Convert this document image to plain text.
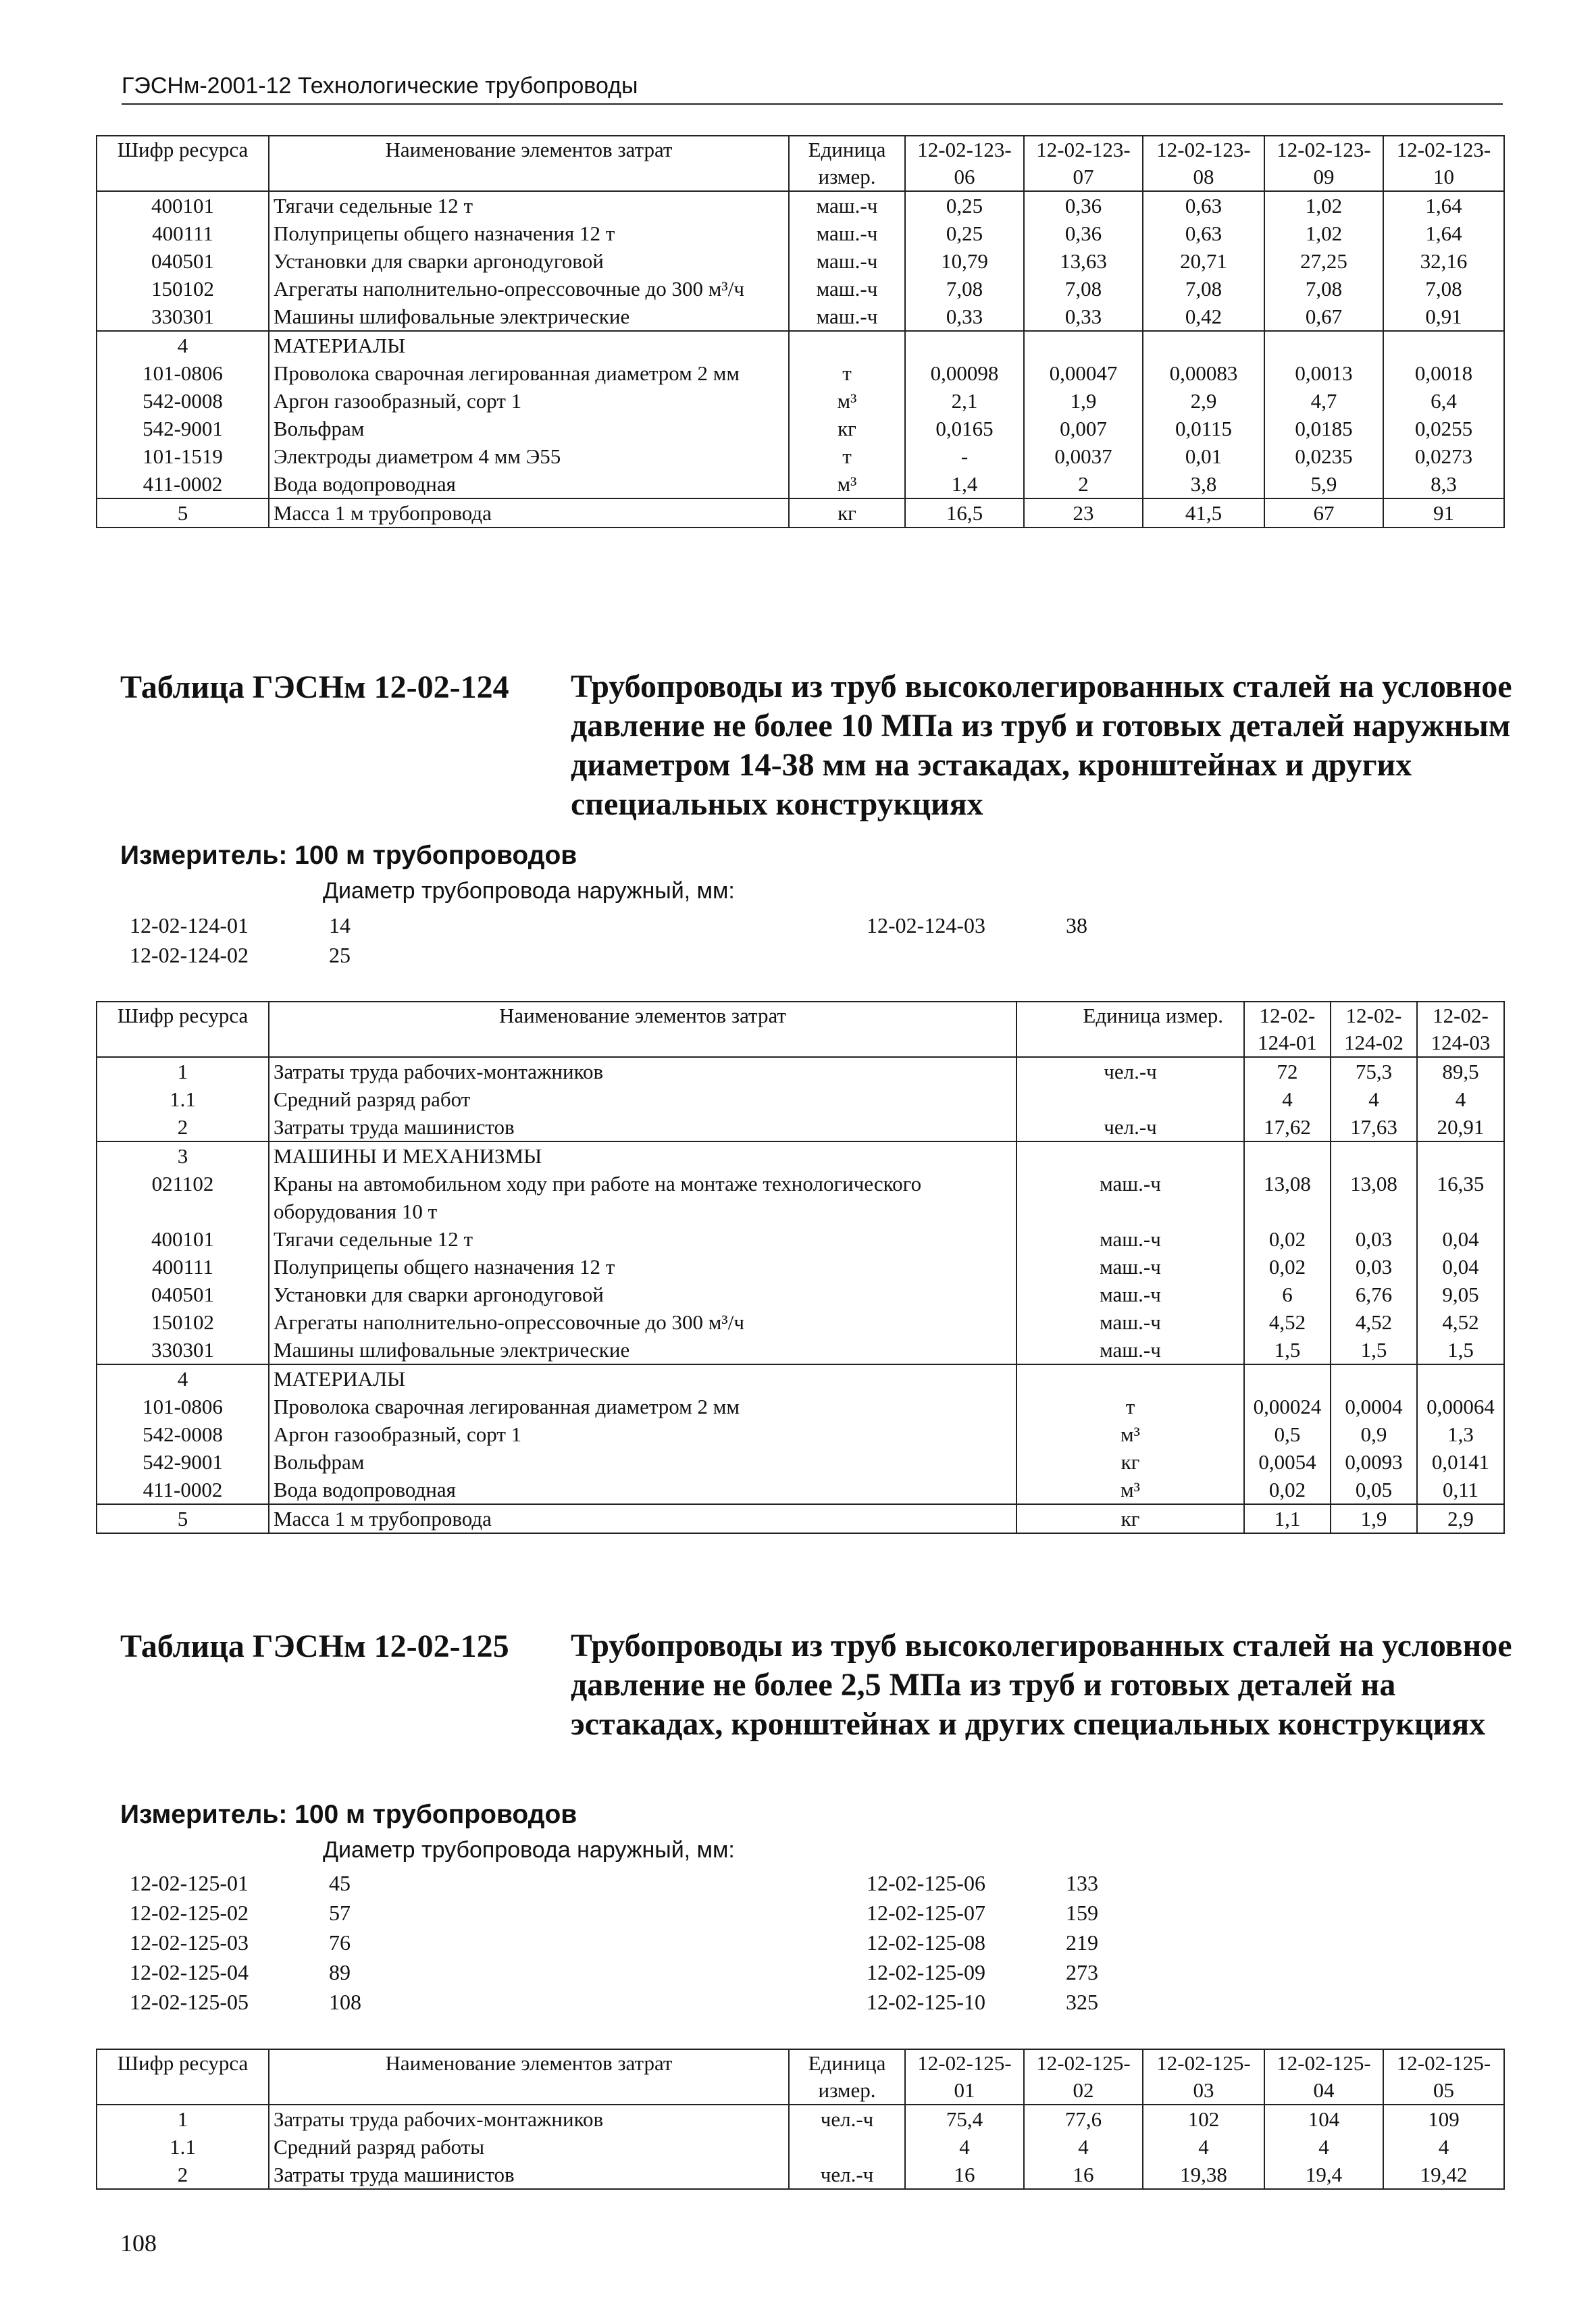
ГЭСНм-2001-12 Технологические трубопроводы
Шифр ресурса	Наименование элементов затрат	Единица измер.	12-02-123-06	12-02-123-07	12-02-123-08	12-02-123-09	12-02-123-10
400101	Тягачи седельные 12 т	маш.-ч	0,25	0,36	0,63	1,02	1,64
400111	Полуприцепы общего назначения 12 т	маш.-ч	0,25	0,36	0,63	1,02	1,64
040501	Установки для сварки аргонодуговой	маш.-ч	10,79	13,63	20,71	27,25	32,16
150102	Агрегаты наполнительно-опрессовочные до 300 м³/ч	маш.-ч	7,08	7,08	7,08	7,08	7,08
330301	Машины шлифовальные электрические	маш.-ч	0,33	0,33	0,42	0,67	0,91
4	МАТЕРИАЛЫ						
101-0806	Проволока сварочная легированная диаметром 2 мм	т	0,00098	0,00047	0,00083	0,0013	0,0018
542-0008	Аргон газообразный, сорт 1	м³	2,1	1,9	2,9	4,7	6,4
542-9001	Вольфрам	кг	0,0165	0,007	0,0115	0,0185	0,0255
101-1519	Электроды диаметром 4 мм Э55	т	-	0,0037	0,01	0,0235	0,0273
411-0002	Вода водопроводная	м³	1,4	2	3,8	5,9	8,3
5	Масса 1 м трубопровода	кг	16,5	23	41,5	67	91
Таблица ГЭСНм 12-02-124 Трубопроводы из труб высоколегированных сталей на условное давление не более 10 МПа из труб и готовых деталей наружным диаметром 14-38 мм на эстакадах, кронштейнах и других специальных конструкциях
Измеритель: 100 м трубопроводов
Диаметр трубопровода наружный, мм:
12-02-124-01	14
12-02-124-02	25
12-02-124-03	38
Шифр ресурса	Наименование элементов затрат	Единица измер.	12-02-124-01	12-02-124-02	12-02-124-03
1	Затраты труда рабочих-монтажников	чел.-ч	72	75,3	89,5
1.1	Средний разряд работ		4	4	4
2	Затраты труда машинистов	чел.-ч	17,62	17,63	20,91
3	МАШИНЫ И МЕХАНИЗМЫ				
021102	Краны на автомобильном ходу при работе на монтаже технологического оборудования 10 т	маш.-ч	13,08	13,08	16,35
400101	Тягачи седельные 12 т	маш.-ч	0,02	0,03	0,04
400111	Полуприцепы общего назначения 12 т	маш.-ч	0,02	0,03	0,04
040501	Установки для сварки аргонодуговой	маш.-ч	6	6,76	9,05
150102	Агрегаты наполнительно-опрессовочные до 300 м³/ч	маш.-ч	4,52	4,52	4,52
330301	Машины шлифовальные электрические	маш.-ч	1,5	1,5	1,5
4	МАТЕРИАЛЫ				
101-0806	Проволока сварочная легированная диаметром 2 мм	т	0,00024	0,0004	0,00064
542-0008	Аргон газообразный, сорт 1	м³	0,5	0,9	1,3
542-9001	Вольфрам	кг	0,0054	0,0093	0,0141
411-0002	Вода водопроводная	м³	0,02	0,05	0,11
5	Масса 1 м трубопровода	кг	1,1	1,9	2,9
Таблица ГЭСНм 12-02-125 Трубопроводы из труб высоколегированных сталей на условное давление не более 2,5 МПа из труб и готовых деталей на эстакадах, кронштейнах и других специальных конструкциях
Измеритель: 100 м трубопроводов
Диаметр трубопровода наружный, мм:
12-02-125-01	45
12-02-125-02	57
12-02-125-03	76
12-02-125-04	89
12-02-125-05	108
12-02-125-06	133
12-02-125-07	159
12-02-125-08	219
12-02-125-09	273
12-02-125-10	325
Шифр ресурса	Наименование элементов затрат	Единица измер.	12-02-125-01	12-02-125-02	12-02-125-03	12-02-125-04	12-02-125-05
1	Затраты труда рабочих-монтажников	чел.-ч	75,4	77,6	102	104	109
1.1	Средний разряд работы		4	4	4	4	4
2	Затраты труда машинистов	чел.-ч	16	16	19,38	19,4	19,42
108
